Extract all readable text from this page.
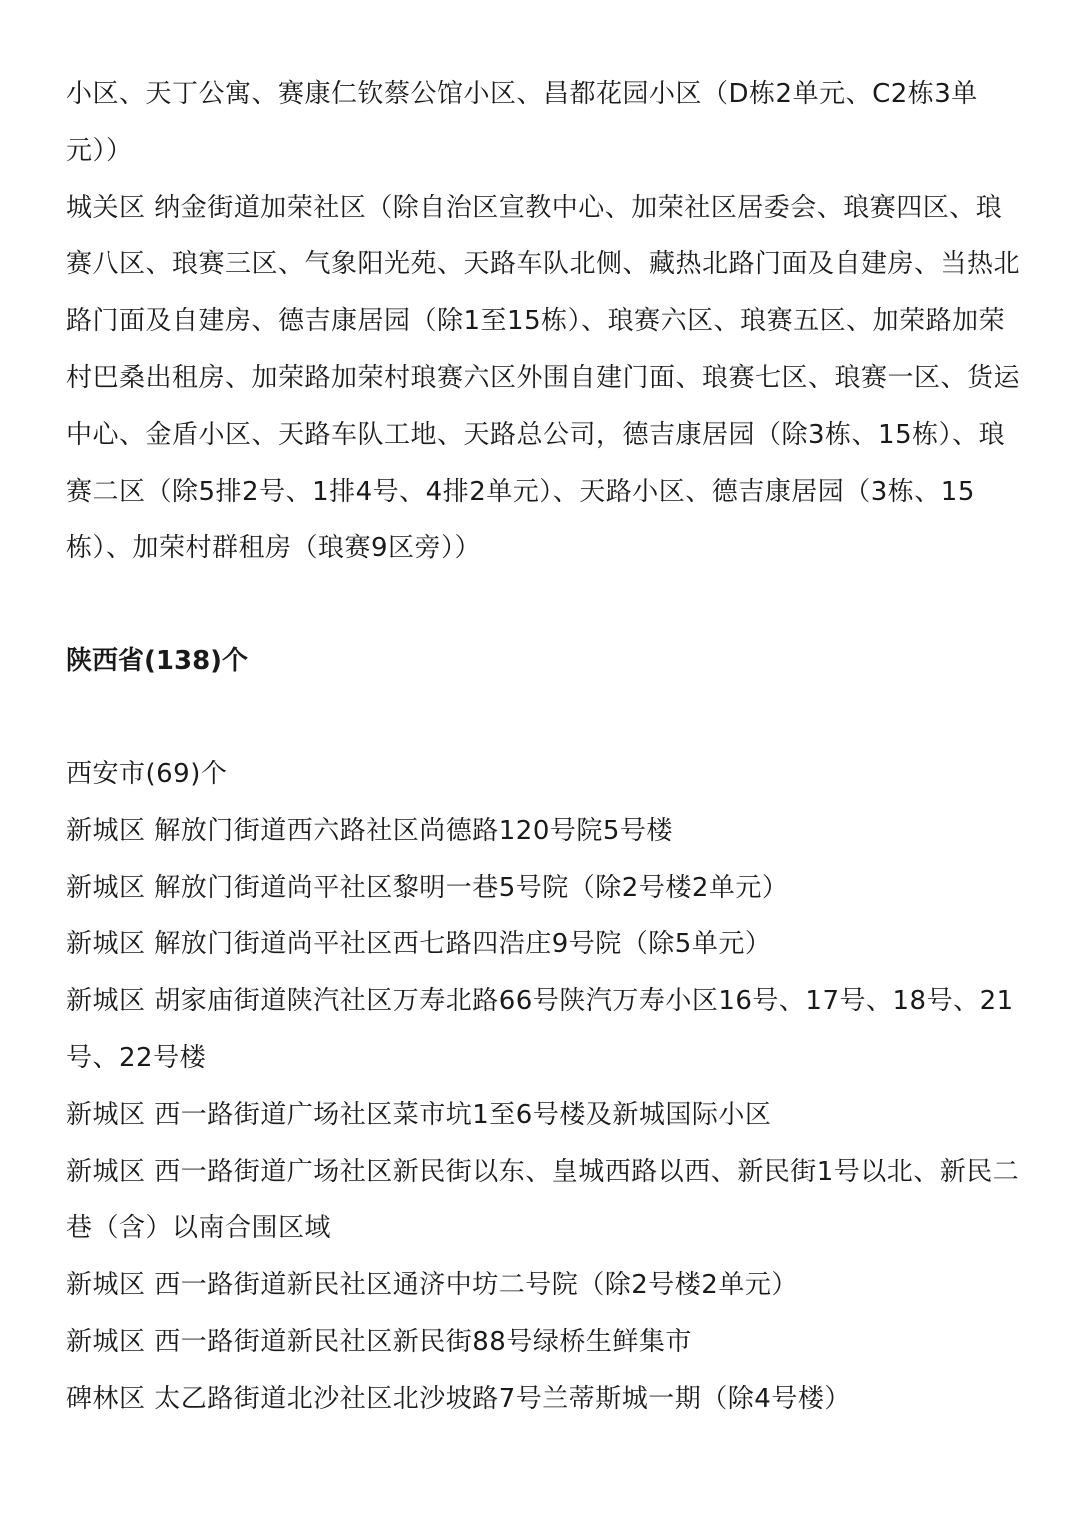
小区、天丁公寓、赛康仁钦蔡公馆小区、昌都花园小区（D栋2单元、C2栋3单元））

城关区 纳金街道加荣社区（除自治区宣教中心、加荣社区居委会、琅赛四区、琅赛八区、琅赛三区、气象阳光苑、天路车队北侧、藏热北路门面及自建房、当热北路门面及自建房、德吉康居园（除1至15栋）、琅赛六区、琅赛五区、加荣路加荣村巴桑出租房、加荣路加荣村琅赛六区外围自建门面、琅赛七区、琅赛一区、货运中心、金盾小区、天路车队工地、天路总公司，德吉康居园（除3栋、15栋）、琅赛二区（除5排2号、1排4号、4排2单元）、天路小区、德吉康居园（3栋、15栋）、加荣村群租房（琅赛9区旁））

陕西省(138)个

西安市(69)个

新城区 解放门街道西六路社区尚德路120号院5号楼

新城区 解放门街道尚平社区黎明一巷5号院（除2号楼2单元）

新城区 解放门街道尚平社区西七路四浩庄9号院（除5单元）

新城区 胡家庙街道陕汽社区万寿北路66号陕汽万寿小区16号、17号、18号、21号、22号楼

新城区 西一路街道广场社区菜市坑1至6号楼及新城国际小区

新城区 西一路街道广场社区新民街以东、皇城西路以西、新民街1号以北、新民二巷（含）以南合围区域

新城区 西一路街道新民社区通济中坊二号院（除2号楼2单元）

新城区 西一路街道新民社区新民街88号绿桥生鲜集市

碑林区 太乙路街道北沙社区北沙坡路7号兰蒂斯城一期（除4号楼）
